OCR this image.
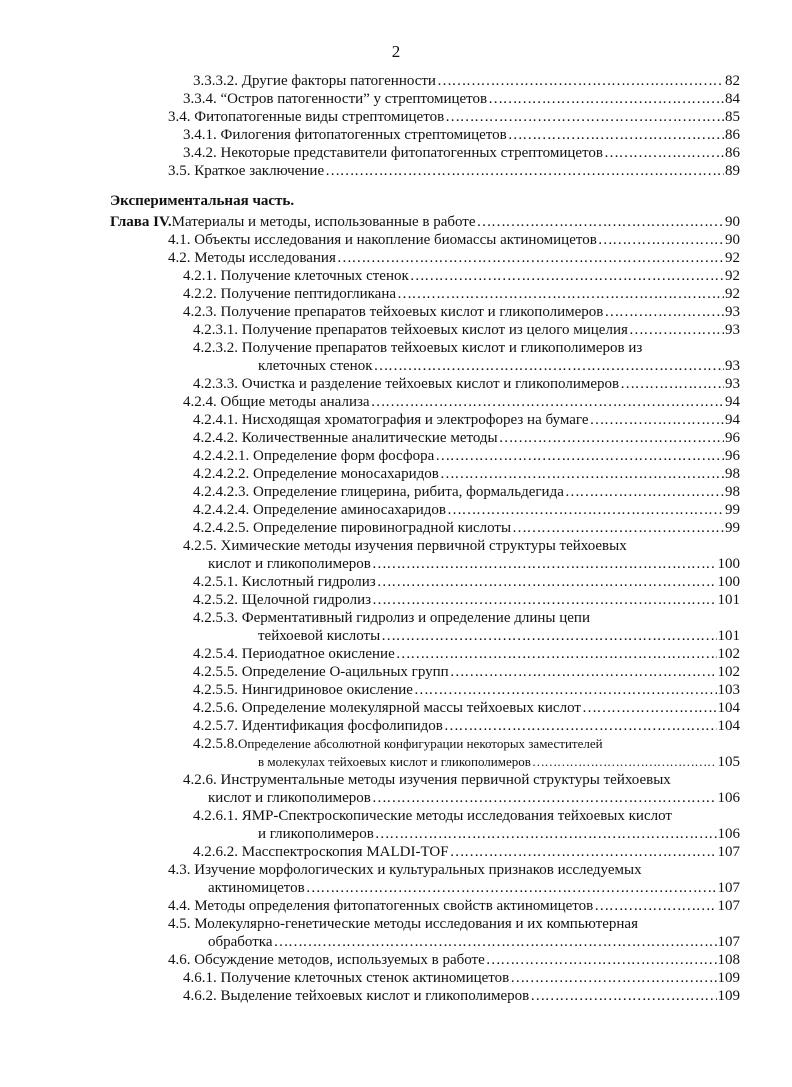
2
Экспериментальная часть.
3.3.3.2. Другие факторы патогенности ……………………………………………………………………………………………………………………………………………………………………………………………………………	82
3.3.4. “Остров патогенности” у стрептомицетов ……………………………………………………………………………………………………………………………………………………………………………………………………………	84
3.4. Фитопатогенные виды стрептомицетов ……………………………………………………………………………………………………………………………………………………………………………………………………………	85
3.4.1. Филогения фитопатогенных стрептомицетов ……………………………………………………………………………………………………………………………………………………………………………………………………………	86
3.4.2. Некоторые представители фитопатогенных стрептомицетов ……………………………………………………………………………………………………………………………………………………………………………………………………………	86
3.5. Краткое заключение ……………………………………………………………………………………………………………………………………………………………………………………………………………	89
Глава IV. Материалы и методы, использованные в работе ……………………………………………………………………………………………………………………………………………………………………………………………………………	90
4.1. Объекты исследования и накопление биомассы актиномицетов ……………………………………………………………………………………………………………………………………………………………………………………………………………	90
4.2. Методы исследования ……………………………………………………………………………………………………………………………………………………………………………………………………………	92
4.2.1. Получение клеточных стенок ……………………………………………………………………………………………………………………………………………………………………………………………………………	92
4.2.2. Получение пептидогликана ……………………………………………………………………………………………………………………………………………………………………………………………………………	92
4.2.3. Получение препаратов тейхоевых кислот и гликополимеров ……………………………………………………………………………………………………………………………………………………………………………………………………………	93
4.2.3.1. Получение препаратов тейхоевых кислот из целого мицелия ……………………………………………………………………………………………………………………………………………………………………………………………………………	93
4.2.3.2. Получение препаратов тейхоевых кислот и гликополимеров из
клеточных стенок ……………………………………………………………………………………………………………………………………………………………………………………………………………	93
4.2.3.3. Очистка и разделение тейхоевых кислот и гликополимеров ……………………………………………………………………………………………………………………………………………………………………………………………………………	93
4.2.4. Общие методы анализа ……………………………………………………………………………………………………………………………………………………………………………………………………………	94
4.2.4.1. Нисходящая хроматография и электрофорез на бумаге ……………………………………………………………………………………………………………………………………………………………………………………………………………	94
4.2.4.2. Количественные аналитические методы ……………………………………………………………………………………………………………………………………………………………………………………………………………	96
4.2.4.2.1. Определение форм фосфора ……………………………………………………………………………………………………………………………………………………………………………………………………………	96
4.2.4.2.2. Определение моносахаридов ……………………………………………………………………………………………………………………………………………………………………………………………………………	98
4.2.4.2.3. Определение глицерина, рибита, формальдегида ……………………………………………………………………………………………………………………………………………………………………………………………………………	98
4.2.4.2.4. Определение аминосахаридов ……………………………………………………………………………………………………………………………………………………………………………………………………………	99
4.2.4.2.5. Определение пировиноградной кислоты ……………………………………………………………………………………………………………………………………………………………………………………………………………	99
4.2.5. Химические методы изучения первичной структуры тейхоевых
кислот и гликополимеров ……………………………………………………………………………………………………………………………………………………………………………………………………………	100
4.2.5.1. Кислотный гидролиз ……………………………………………………………………………………………………………………………………………………………………………………………………………	100
4.2.5.2. Щелочной гидролиз ……………………………………………………………………………………………………………………………………………………………………………………………………………	101
4.2.5.3. Ферментативный гидролиз и определение длины цепи
тейхоевой кислоты ……………………………………………………………………………………………………………………………………………………………………………………………………………	101
4.2.5.4. Периодатное окисление ……………………………………………………………………………………………………………………………………………………………………………………………………………	102
4.2.5.5. Определение O-ацильных групп ……………………………………………………………………………………………………………………………………………………………………………………………………………	102
4.2.5.5. Нингидриновое окисление ……………………………………………………………………………………………………………………………………………………………………………………………………………	103
4.2.5.6. Определение молекулярной массы тейхоевых кислот ……………………………………………………………………………………………………………………………………………………………………………………………………………	104
4.2.5.7. Идентификация фосфолипидов ……………………………………………………………………………………………………………………………………………………………………………………………………………	104
4.2.5.8. Определение абсолютной конфигурации некоторых заместителей
в молекулах тейхоевых кислот и гликополимеров ……………………………………………………………………………………………………………………………………………………………………………………………………………	105
4.2.6. Инструментальные методы изучения первичной структуры тейхоевых
кислот и гликополимеров ……………………………………………………………………………………………………………………………………………………………………………………………………………	106
4.2.6.1. ЯМР-Спектроскопические методы исследования тейхоевых кислот
и гликополимеров ……………………………………………………………………………………………………………………………………………………………………………………………………………	106
4.2.6.2. Масспектроскопия MALDI-TOF ……………………………………………………………………………………………………………………………………………………………………………………………………………	107
4.3. Изучение морфологических и культуральных признаков исследуемых
актиномицетов ……………………………………………………………………………………………………………………………………………………………………………………………………………	107
4.4. Методы определения фитопатогенных свойств актиномицетов ……………………………………………………………………………………………………………………………………………………………………………………………………………	107
4.5. Молекулярно-генетические методы исследования и их компьютерная
обработка ……………………………………………………………………………………………………………………………………………………………………………………………………………	107
4.6. Обсуждение методов, используемых в работе ……………………………………………………………………………………………………………………………………………………………………………………………………………	108
4.6.1. Получение клеточных стенок актиномицетов ……………………………………………………………………………………………………………………………………………………………………………………………………………	109
4.6.2. Выделение тейхоевых кислот и гликополимеров ……………………………………………………………………………………………………………………………………………………………………………………………………………	109
